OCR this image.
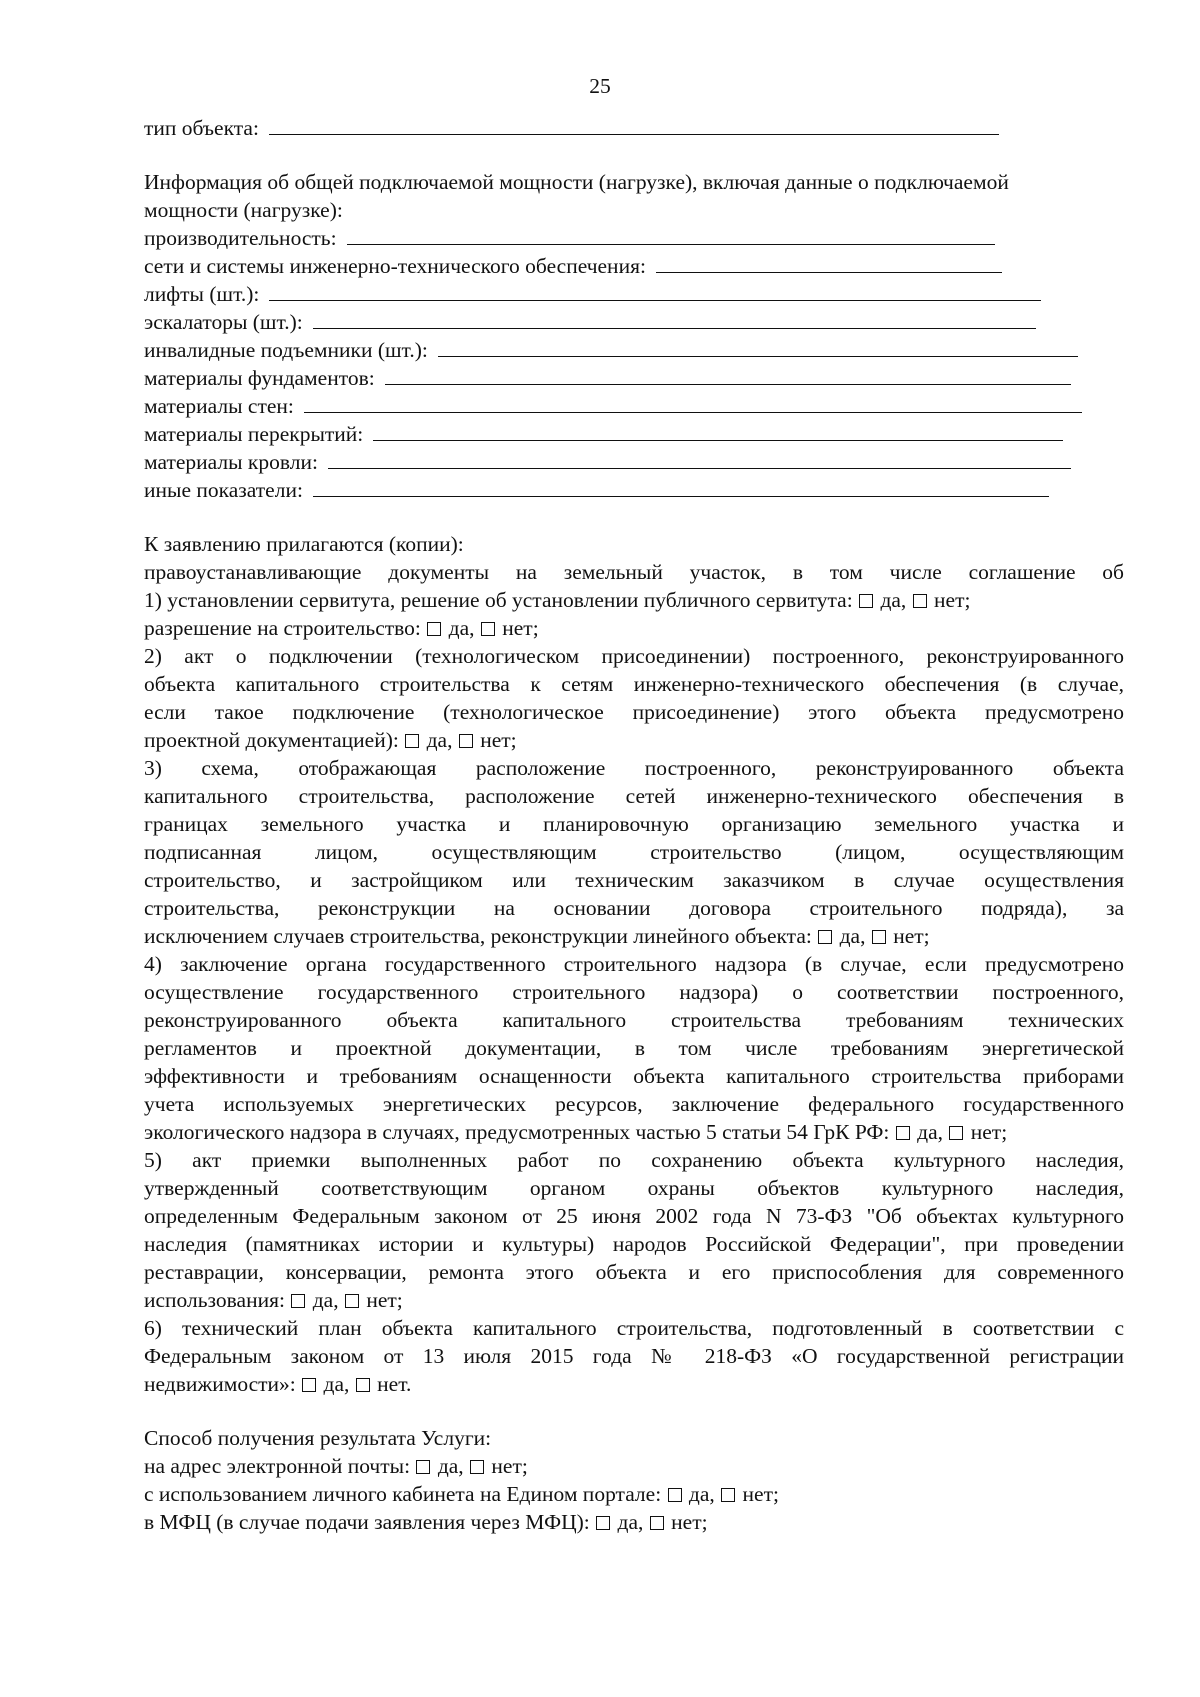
25
тип объекта:

Информация об общей подключаемой мощности (нагрузке), включая данные о подключаемой

мощности (нагрузке):

производительность:
сети и системы инженерно-технического обеспечения:
лифты (шт.):
эскалаторы (шт.):
инвалидные подъемники (шт.):
материалы фундаментов:
материалы стен:
материалы перекрытий:
материалы кровли:
иные показатели:

К заявлению прилагаются (копии):

правоустанавливающие документы на земельный участок, в том числе соглашение об

1) установлении сервитута, решение об установлении публичного сервитута: да,  нет;

разрешение на строительство: да,  нет;

2) акт о подключении (технологическом присоединении) построенного, реконструированного

объекта капитального строительства к сетям инженерно-технического обеспечения (в случае,

если такое подключение (технологическое присоединение) этого объекта предусмотрено

проектной документацией): да,  нет;

3) схема, отображающая расположение построенного, реконструированного объекта

капитального строительства, расположение сетей инженерно-технического обеспечения в

границах земельного участка и планировочную организацию земельного участка и

подписанная лицом, осуществляющим строительство (лицом, осуществляющим

строительство, и застройщиком или техническим заказчиком в случае осуществления

строительства, реконструкции на основании договора строительного подряда), за

исключением случаев строительства, реконструкции линейного объекта: да,  нет;

4) заключение органа государственного строительного надзора (в случае, если предусмотрено

осуществление государственного строительного надзора) о соответствии построенного,

реконструированного объекта капитального строительства требованиям технических

регламентов и проектной документации, в том числе требованиям энергетической

эффективности и требованиям оснащенности объекта капитального строительства приборами

учета используемых энергетических ресурсов, заключение федерального государственного

экологического надзора в случаях, предусмотренных частью 5 статьи 54 ГрК РФ: да,  нет;

5) акт приемки выполненных работ по сохранению объекта культурного наследия,

утвержденный соответствующим органом охраны объектов культурного наследия,

определенным Федеральным законом от 25 июня 2002 года N 73-ФЗ "Об объектах культурного

наследия (памятниках истории и культуры) народов Российской Федерации", при проведении

реставрации, консервации, ремонта этого объекта и его приспособления для современного

использования: да,  нет;

6) технический план объекта капитального строительства, подготовленный в соответствии с

Федеральным законом от 13 июля 2015 года № 218-ФЗ «О государственной регистрации

недвижимости»: да,  нет.

Способ получения результата Услуги:

на адрес электронной почты: да,  нет;

с использованием личного кабинета на Едином портале: да,  нет;

в МФЦ (в случае подачи заявления через МФЦ): да,  нет;
